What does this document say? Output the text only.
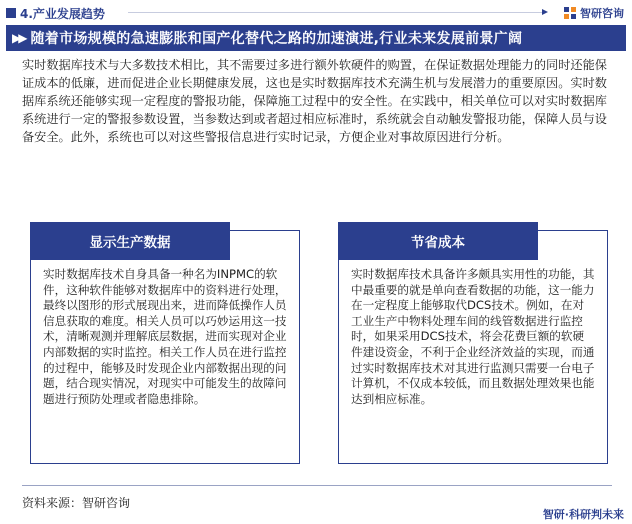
4.产业发展趋势	智研咨询
▶▶ 随着市场规模的急速膨胀和国产化替代之路的加速演进,行业未来发展前景广阔
实时数据库技术与大多数技术相比，其不需要过多进行额外软硬件的购置，在保证数据处理能力的同时还能保证成本的低廉，进而促进企业长期健康发展，这也是实时数据库技术充满生机与发展潜力的重要原因。实时数据库系统还能够实现一定程度的警报功能，保障施工过程中的安全性。在实践中，相关单位可以对实时数据库系统进行一定的警报参数设置，当参数达到或者超过相应标准时，系统就会自动触发警报功能，保障人员与设备安全。此外，系统也可以对这些警报信息进行实时记录，方便企业对事故原因进行分析。
实时数据库技术自身具备一种名为INPMC的软件，这种软件能够对数据库中的资料进行处理，最终以图形的形式展现出来，进而降低操作人员信息获取的难度。相关人员可以巧妙运用这一技术，清晰观测并理解底层数据，进而实现对企业内部数据的实时监控。相关工作人员在进行监控的过程中，能够及时发现企业内部数据出现的问题，结合现实情况，对现实中可能发生的故障问题进行预防处理或者隐患排除。
显示生产数据
实时数据库技术具备许多颇具实用性的功能，其中最重要的就是单向查看数据的功能，这一能力在一定程度上能够取代DCS技术。例如，在对工业生产中物料处理车间的线管数据进行监控时，如果采用DCS技术，将会花费巨额的软硬件建设资金，不利于企业经济效益的实现，而通过实时数据库技术对其进行监测只需要一台电子计算机，不仅成本较低，而且数据处理效果也能达到相应标准。
节省成本
资料来源：智研咨询
智研·科研判未来
